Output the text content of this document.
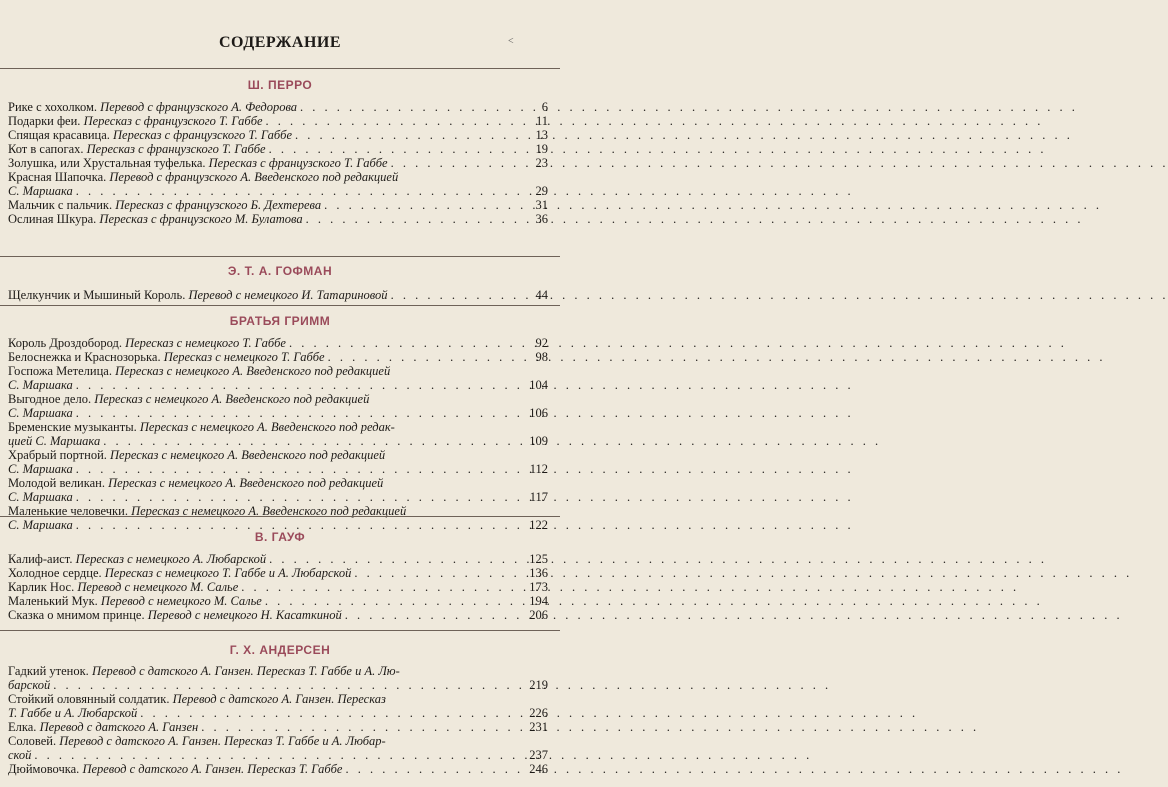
СОДЕРЖАНИЕ	˂
Ш. ПЕРРО
Рике с хохолком. Перевод с французского А. Федорова . . .	6
Подарки феи. Пересказ с французского Т. Габбе . . .	11
Спящая красавица. Пересказ с французского Т. Габбе . . .	13
Кот в сапогах. Пересказ с французского Т. Габбе . . .	19
Золушка, или Хрустальная туфелька. Пересказ с французского Т. Габбе . . .	23
Красная Шапочка. Перевод с французского А. Введенского под редакцией
С. Маршака . . .	29
Мальчик с пальчик. Пересказ с французского Б. Дехтерева . . .	31
Ослиная Шкура. Пересказ с французского М. Булатова . . .	36
Э. Т. А. ГОФМАН
Щелкунчик и Мышиный Король. Перевод с немецкого И. Татариновой . . .	44
БРАТЬЯ ГРИММ
Король Дроздобород. Пересказ с немецкого Т. Габбе . . .	92
Белоснежка и Краснозорька. Пересказ с немецкого Т. Габбе . . .	98
Госпожа Метелица. Пересказ с немецкого А. Введенского под редакцией
С. Маршака . . .	104
Выгодное дело. Пересказ с немецкого А. Введенского под редакцией
С. Маршака . . .	106
Бременские музыканты. Пересказ с немецкого А. Введенского под редак-
цией С. Маршака . . .	109
Храбрый портной. Пересказ с немецкого А. Введенского под редакцией
С. Маршака . . .	112
Молодой великан. Пересказ с немецкого А. Введенского под редакцией
С. Маршака . . .	117
Маленькие человечки. Пересказ с немецкого А. Введенского под редакцией
С. Маршака . . .	122
В. ГАУФ
Калиф-аист. Пересказ с немецкого А. Любарской . . .	125
Холодное сердце. Пересказ с немецкого Т. Габбе и А. Любарской . . .	136
Карлик Нос. Перевод с немецкого М. Салье . . .	173
Маленький Мук. Перевод с немецкого М. Салье . . .	194
Сказка о мнимом принце. Перевод с немецкого Н. Касаткиной . . .	206
Г. Х. АНДЕРСЕН
Гадкий утенок. Перевод с датского А. Ганзен. Пересказ Т. Габбе и А. Лю-
барской . . .	219
Стойкий оловянный солдатик. Перевод с датского А. Ганзен. Пересказ
Т. Габбе и А. Любарской . . .	226
Елка. Перевод с датского А. Ганзен . . .	231
Соловей. Перевод с датского А. Ганзен. Пересказ Т. Габбе и А. Любар-
ской . . .	237
Дюймовочка. Перевод с датского А. Ганзен. Пересказ Т. Габбе . . .	246
